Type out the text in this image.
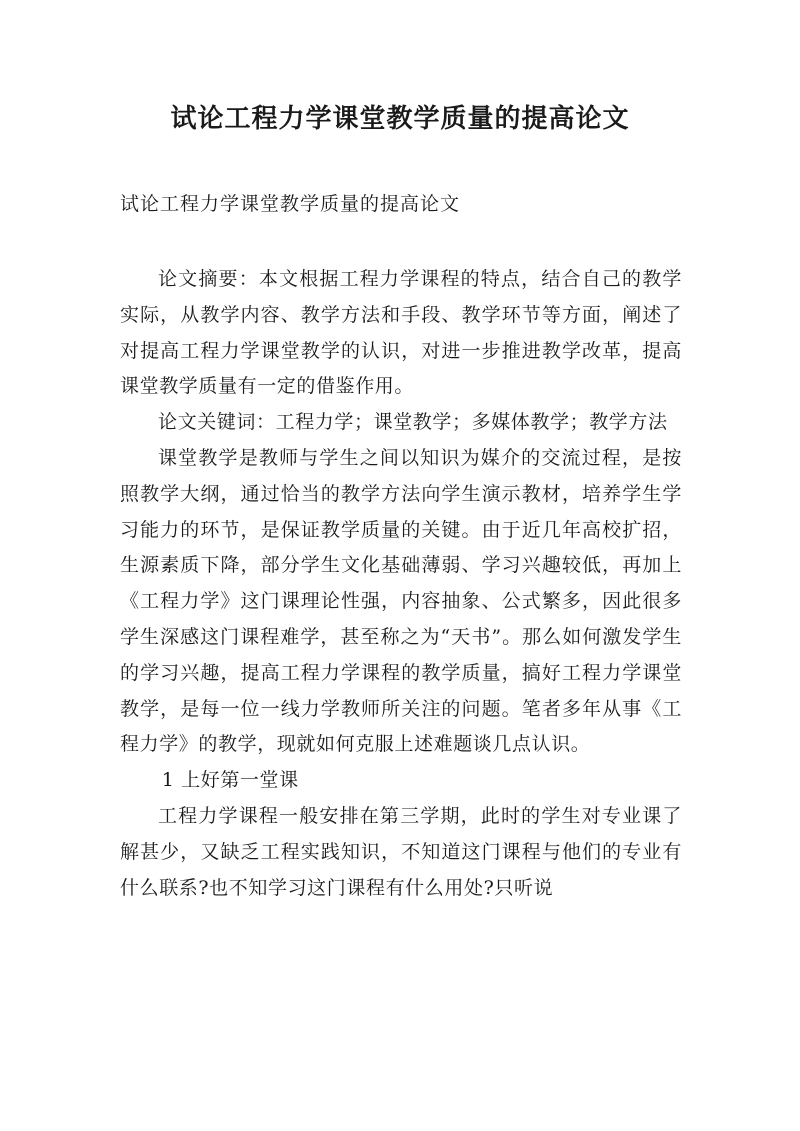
试论工程力学课堂教学质量的提高论文

试论工程力学课堂教学质量的提高论文

论文摘要：本文根据工程力学课程的特点，结合自己的教学实际，从教学内容、教学方法和手段、教学环节等方面，阐述了对提高工程力学课堂教学的认识，对进一步推进教学改革，提高课堂教学质量有一定的借鉴作用。

论文关键词：工程力学；课堂教学；多媒体教学；教学方法

课堂教学是教师与学生之间以知识为媒介的交流过程，是按照教学大纲，通过恰当的教学方法向学生演示教材，培养学生学习能力的环节，是保证教学质量的关键。由于近几年高校扩招，生源素质下降，部分学生文化基础薄弱、学习兴趣较低，再加上《工程力学》这门课理论性强，内容抽象、公式繁多，因此很多学生深感这门课程难学，甚至称之为“天书”。那么如何激发学生的学习兴趣，提高工程力学课程的教学质量，搞好工程力学课堂教学，是每一位一线力学教师所关注的问题。笔者多年从事《工程力学》的教学，现就如何克服上述难题谈几点认识。

1 上好第一堂课

工程力学课程一般安排在第三学期，此时的学生对专业课了解甚少，又缺乏工程实践知识，不知道这门课程与他们的专业有什么联系?也不知学习这门课程有什么用处?只听说
